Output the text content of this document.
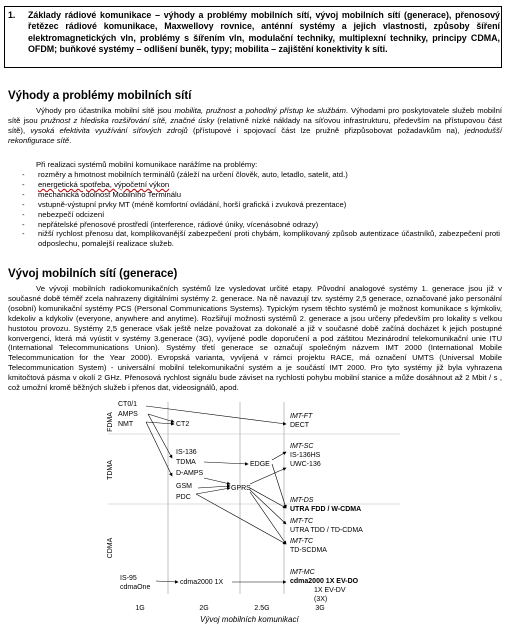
1. Základy rádiové komunikace – výhody a problémy mobilních sítí, vývoj mobilních sítí (generace), přenosový řetězec rádiové komunikace, Maxwellovy rovnice, anténní systémy a jejich vlastnosti, způsoby šíření elektromagnetických vln, problémy s šířením vln, modulační techniky, multiplexní techniky, principy CDMA, OFDM; buňkové systémy – odlišení buněk, typy; mobilita – zajištění konektivity k síti.
Výhody a problémy mobilních sítí

Výhody pro účastníka mobilní sítě jsou mobilita, pružnost a pohodlný přístup ke službám. Výhodami pro poskytovatele služeb mobilní sítě jsou pružnost z hlediska rozšiřování sítě, značné úsky (relativně nízké náklady na síťovou infrastrukturu, především na přístupovou část sítě), vysoká efektivita využívání síťových zdrojů (přístupové i spojovací část lze pružně přizpůsobovat požadavkům na), jednodušší rekonfigurace sítě.

Při realizaci systémů mobilní komunikace narážíme na problémy:

- rozměry a hmotnost mobilních terminálů (záleží na určení člověk, auto, letadlo, satelit, atd.)
- energetická spotřeba, výpočetní výkon
- mechanická odolnost Mobilního Terminálu
- vstupně-výstupní prvky MT (méně komfortní ovládání, horší grafická i zvuková prezentace)
- nebezpečí odcizení
- nepřátelské přenosové prostředí (interference, rádiové úniky, vícenásobné odrazy)
- nižší rychlost přenosu dat, komplikovanější zabezpečení proti chybám, komplikovaný způsob autentizace účastníků, zabezpečení proti odposlechu, pomalejší realizace služeb.
Vývoj mobilních sítí (generace)

Ve vývoji mobilních radiokomunikačních systémů lze vysledovat určité etapy. Původní analogové systémy 1. generace jsou již v současné době téměř zcela nahrazeny digitálními systémy 2. generace. Na ně navazují tzv. systémy 2,5 generace, označované jako personální (osobní) komunikační systémy PCS (Personal Communications Systems). Typickým rysem těchto systémů je možnost komunikace s kýmkoliv, kdekoliv a kdykoliv (everyone, anywhere and anytime). Rozšiřují možnosti systémů 2. generace a jsou určeny především pro lokality s velkou hustotou provozu. Systémy 2,5 generace však ještě nelze považovat za dokonalé a již v současné době začíná docházet k jejich postupné konvergenci, která má vyústit v systémy 3.generace (3G), vyvíjené podle doporučení a pod záštitou Mezinárodní telekomunikační unie ITU (International Telecommunications Union). Systémy třetí generace se označují společným názvem IMT 2000 (International Mobile Telecommunication for the Year 2000). Evropská varianta, vyvíjená v rámci projektu RACE, má označení UMTS (Universal Mobile Telecommunication System) - universální mobilní telekomunikační systém a je součástí IMT 2000. Pro tyto systémy již byla vyhrazena kmitočtová pásma v okolí 2 GHz. Přenosová rychlost signálu bude záviset na rychlosti pohybu mobilní stanice a může dosáhnout až 2 Mbit / s , což umožní kromě běžných služeb i přenos dat, videosignálů, apod.

FDMA
TDMA
CDMA
CT0/1
AMPS
NMT	CT2
IS-136
TDMA
D-AMPS
GSM
PDC
IS-95
cdmaOne
EDGE
GPRS
cdma2000 1X
IMT-FT
DECT
IMT-SC
IS-136HS
UWC-136
IMT-DS
UTRA FDD / W-CDMA
IMT-TC
UTRA TDD / TD-CDMA
IMT-TC
TD-SCDMA
IMT-MC
cdma2000 1X EV-DO
1X EV-DV
(3X)
1G	2G	2.5G	3G
Vývoj mobilních komunikací
